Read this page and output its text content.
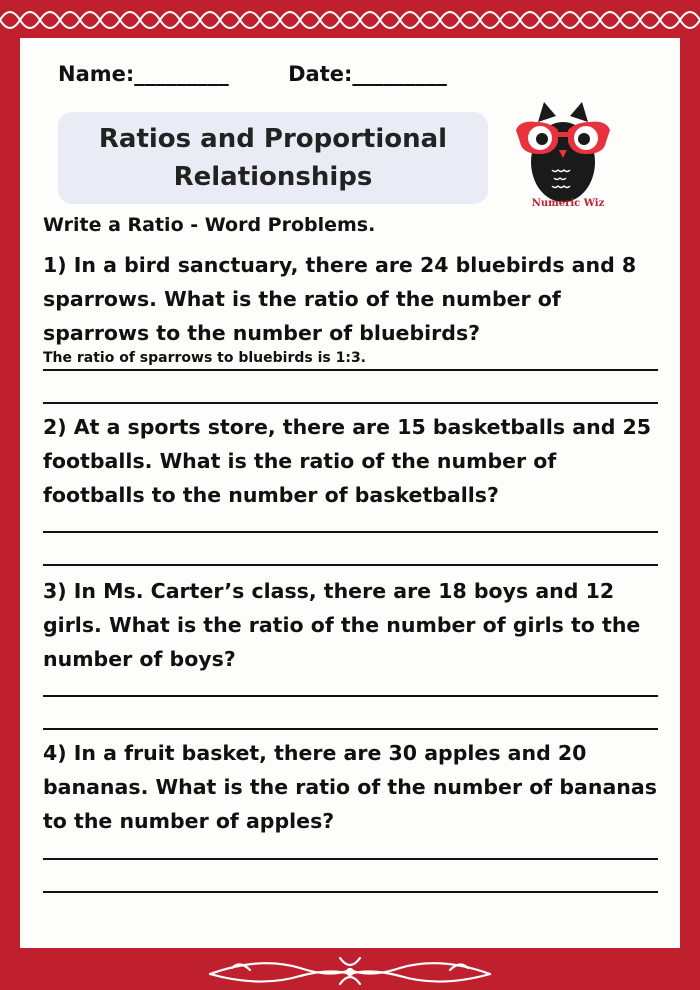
Name:_________	Date:_________
Ratios and Proportional
Relationships
Numeric Wiz
Write a Ratio - Word Problems.

1) In a bird sanctuary, there are 24 bluebirds and 8 sparrows. What is the ratio of the number of sparrows to the number of bluebirds?

The ratio of sparrows to bluebirds is 1:3.

2) At a sports store, there are 15 basketballs and 25 footballs. What is the ratio of the number of footballs to the number of basketballs?

3) In Ms. Carter’s class, there are 18 boys and 12 girls. What is the ratio of the number of girls to the number of boys?

4) In a fruit basket, there are 30 apples and 20 bananas. What is the ratio of the number of bananas to the number of apples?
